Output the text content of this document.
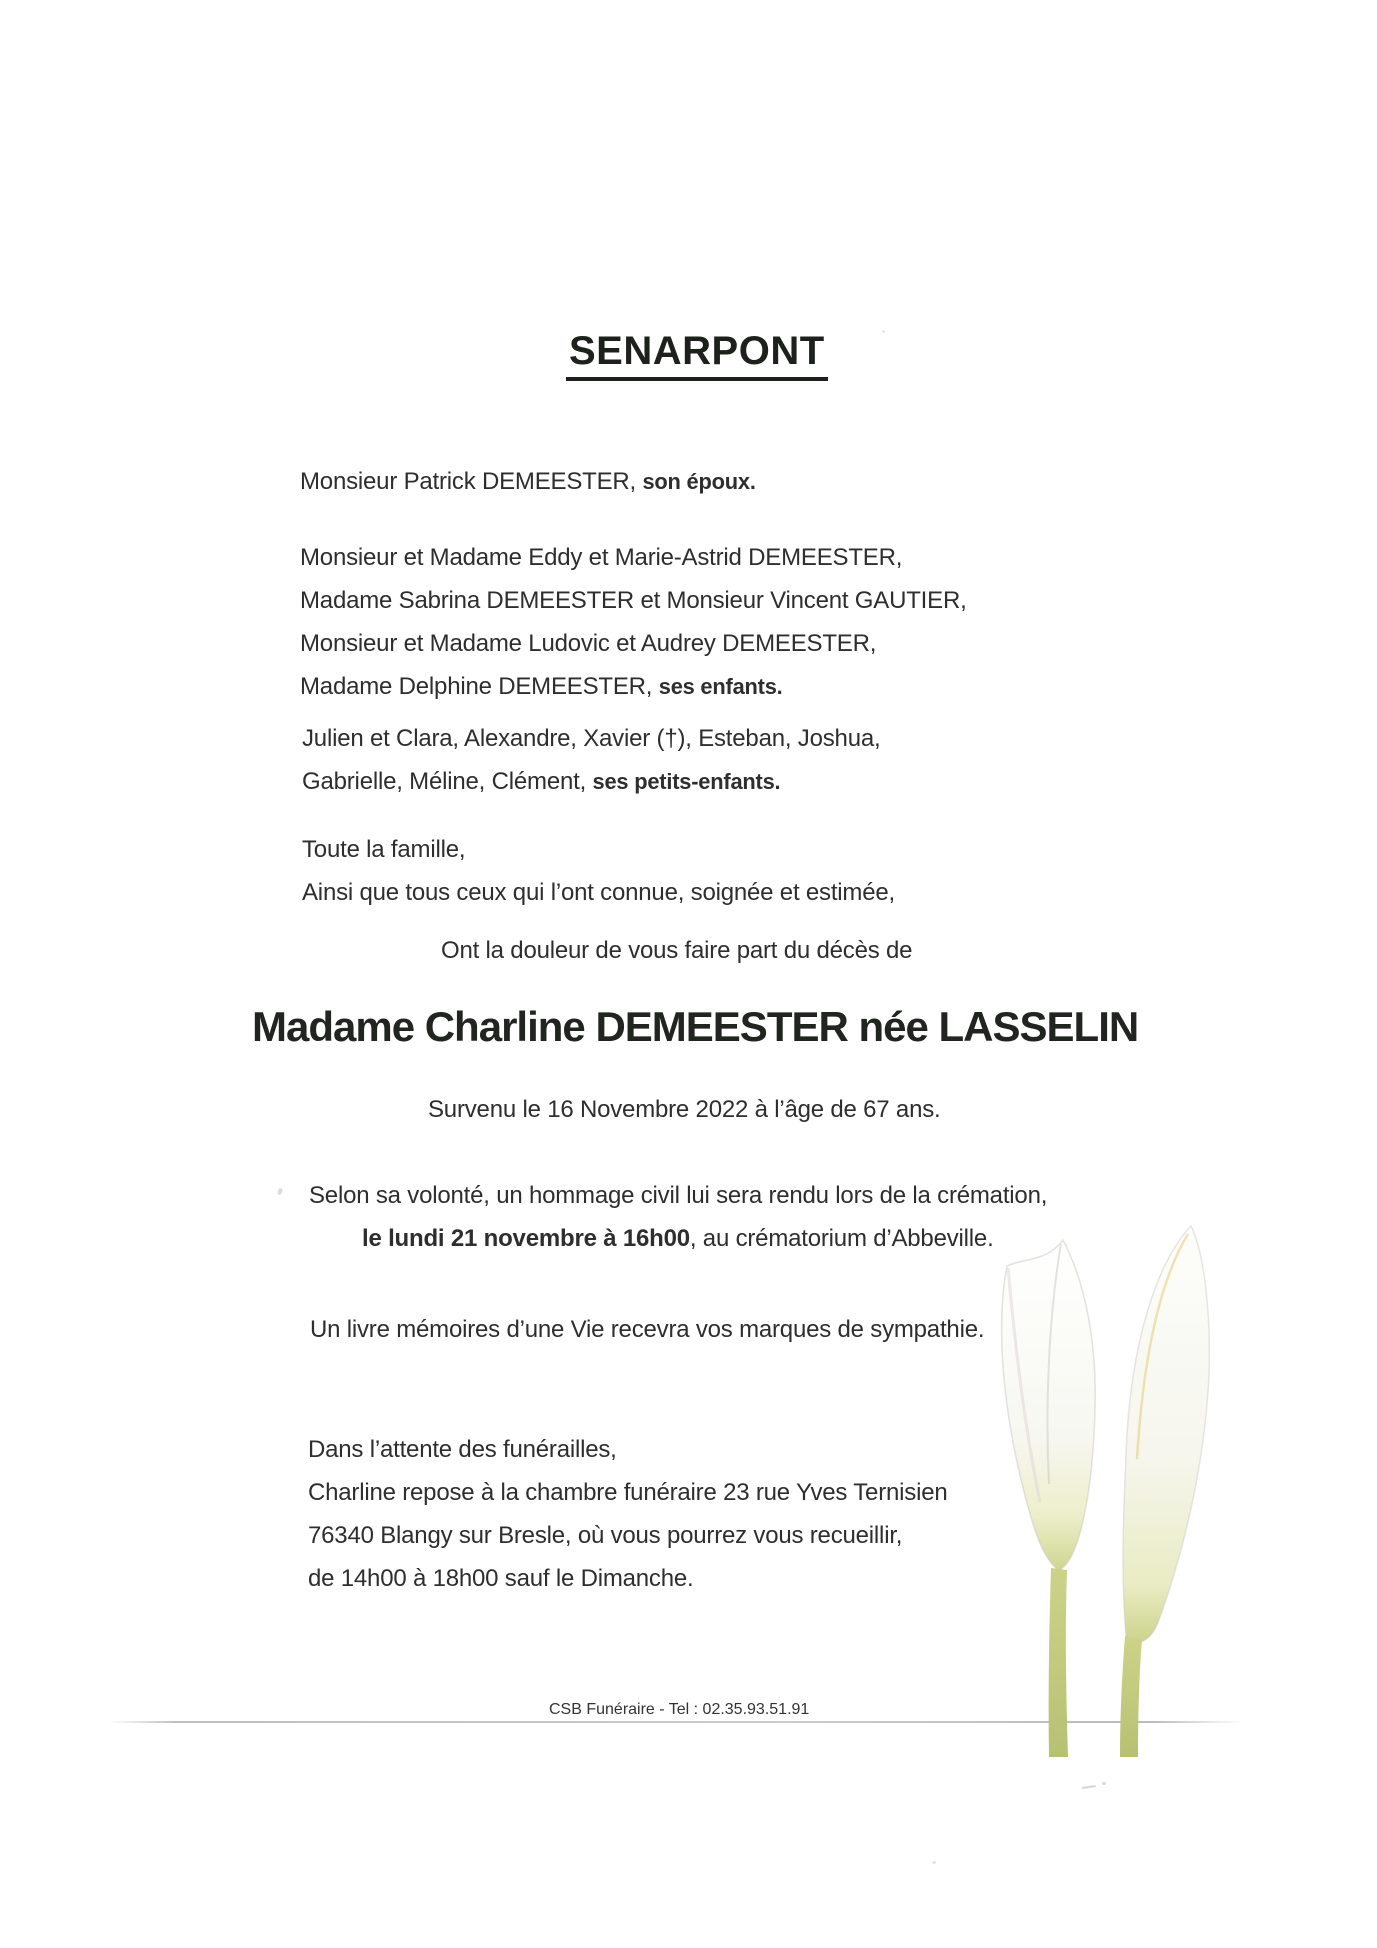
SENARPONT
Monsieur Patrick DEMEESTER, son époux.
Monsieur et Madame Eddy et Marie-Astrid DEMEESTER,
Madame Sabrina DEMEESTER et Monsieur Vincent GAUTIER,
Monsieur et Madame Ludovic et Audrey DEMEESTER,
Madame Delphine DEMEESTER, ses enfants.
Julien et Clara, Alexandre, Xavier (†), Esteban, Joshua,
Gabrielle, Méline, Clément, ses petits-enfants.
Toute la famille,
Ainsi que tous ceux qui l’ont connue, soignée et estimée,
Ont la douleur de vous faire part du décès de
Madame Charline DEMEESTER née LASSELIN
Survenu le 16 Novembre 2022 à l’âge de 67 ans.
Selon sa volonté, un hommage civil lui sera rendu lors de la crémation,
le lundi 21 novembre à 16h00, au crématorium d’Abbeville.
Un livre mémoires d’une Vie recevra vos marques de sympathie.
Dans l’attente des funérailles,
Charline repose à la chambre funéraire 23 rue Yves Ternisien
76340 Blangy sur Bresle, où vous pourrez vous recueillir,
de 14h00 à 18h00 sauf le Dimanche.
CSB Funéraire - Tel : 02.35.93.51.91
